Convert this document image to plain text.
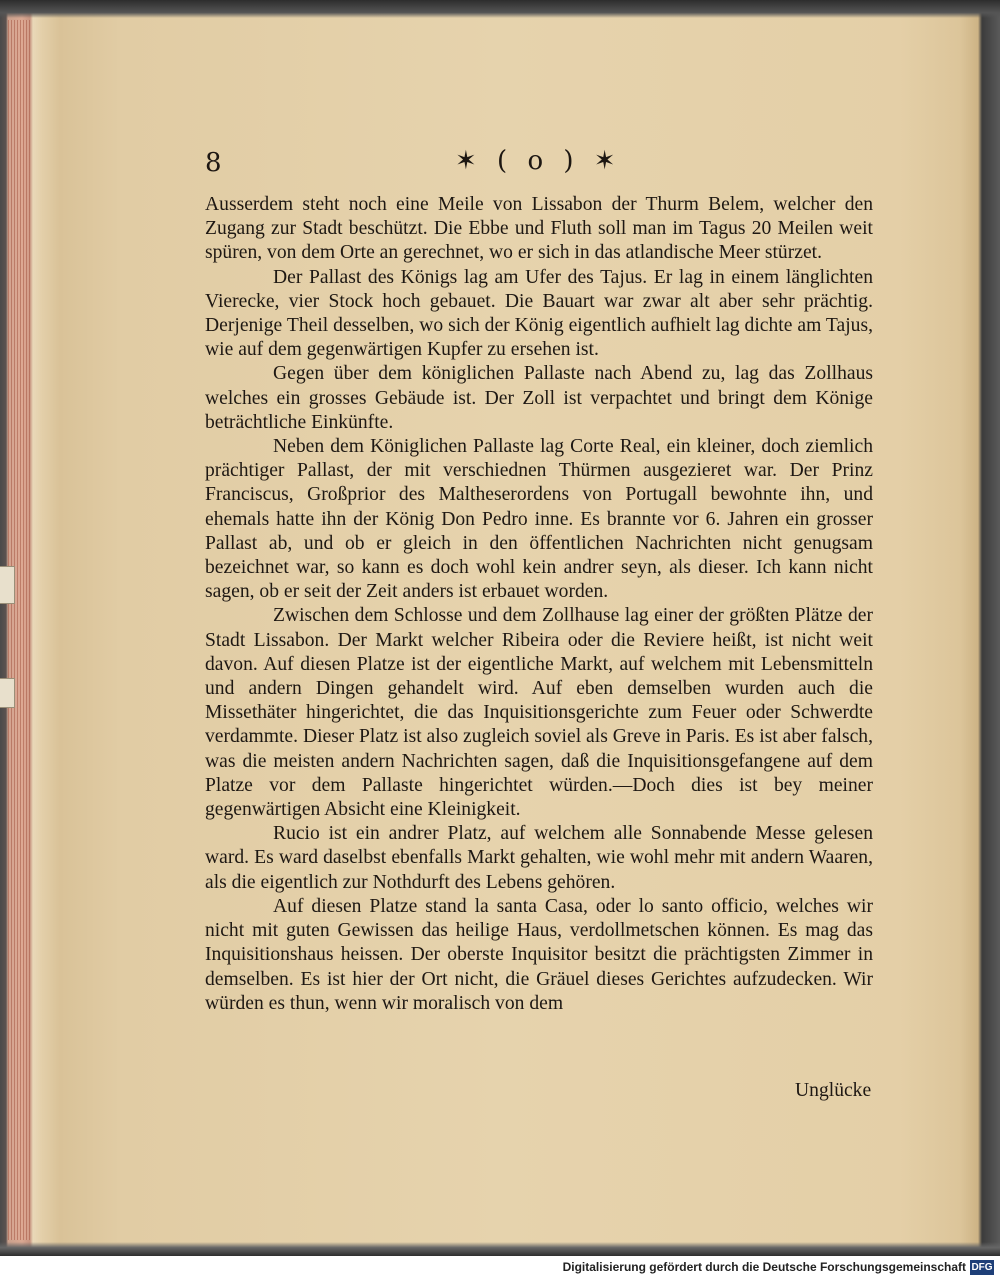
8	✶ ( o ) ✶

Ausserdem steht noch eine Meile von Lissabon der Thurm Belem, welcher den Zugang zur Stadt beschützt. Die Ebbe und Fluth soll man im Tagus 20 Meilen weit spüren, von dem Orte an gerechnet, wo er sich in das atlandische Meer stürzet.

Der Pallast des Königs lag am Ufer des Tajus. Er lag in einem länglichten Vierecke, vier Stock hoch gebauet. Die Bauart war zwar alt aber sehr prächtig. Derjenige Theil desselben, wo sich der König eigentlich aufhielt lag dichte am Tajus, wie auf dem gegenwärtigen Kupfer zu ersehen ist.

Gegen über dem königlichen Pallaste nach Abend zu, lag das Zollhaus welches ein grosses Gebäude ist. Der Zoll ist verpachtet und bringt dem Könige beträchtliche Einkünfte.

Neben dem Königlichen Pallaste lag Corte Real, ein kleiner, doch ziemlich prächtiger Pallast, der mit verschiednen Thürmen ausgezieret war. Der Prinz Franciscus, Großprior des Maltheserordens von Portugall bewohnte ihn, und ehemals hatte ihn der König Don Pedro inne. Es brannte vor 6. Jahren ein grosser Pallast ab, und ob er gleich in den öffentlichen Nachrichten nicht genugsam bezeichnet war, so kann es doch wohl kein andrer seyn, als dieser. Ich kann nicht sagen, ob er seit der Zeit anders ist erbauet worden.

Zwischen dem Schlosse und dem Zollhause lag einer der größten Plätze der Stadt Lissabon. Der Markt welcher Ribeira oder die Reviere heißt, ist nicht weit davon. Auf diesen Platze ist der eigentliche Markt, auf welchem mit Lebensmitteln und andern Dingen gehandelt wird. Auf eben demselben wurden auch die Missethäter hingerichtet, die das Inquisitionsgerichte zum Feuer oder Schwerdte verdammte. Dieser Platz ist also zugleich soviel als Greve in Paris. Es ist aber falsch, was die meisten andern Nachrichten sagen, daß die Inquisitionsgefangene auf dem Platze vor dem Pallaste hingerichtet würden.—Doch dies ist bey meiner gegenwärtigen Absicht eine Kleinigkeit.

Rucio ist ein andrer Platz, auf welchem alle Sonnabende Messe gelesen ward. Es ward daselbst ebenfalls Markt gehalten, wie wohl mehr mit andern Waaren, als die eigentlich zur Nothdurft des Lebens gehören.

Auf diesen Platze stand la santa Casa, oder lo santo officio, welches wir nicht mit guten Gewissen das heilige Haus, verdollmetschen können. Es mag das Inquisitionshaus heissen. Der oberste Inquisitor besitzt die prächtigsten Zimmer in demselben. Es ist hier der Ort nicht, die Gräuel dieses Gerichtes aufzudecken. Wir würden es thun, wenn wir moralisch von dem

Unglücke
Digitalisierung gefördert durch die Deutsche Forschungsgemeinschaft DFG
